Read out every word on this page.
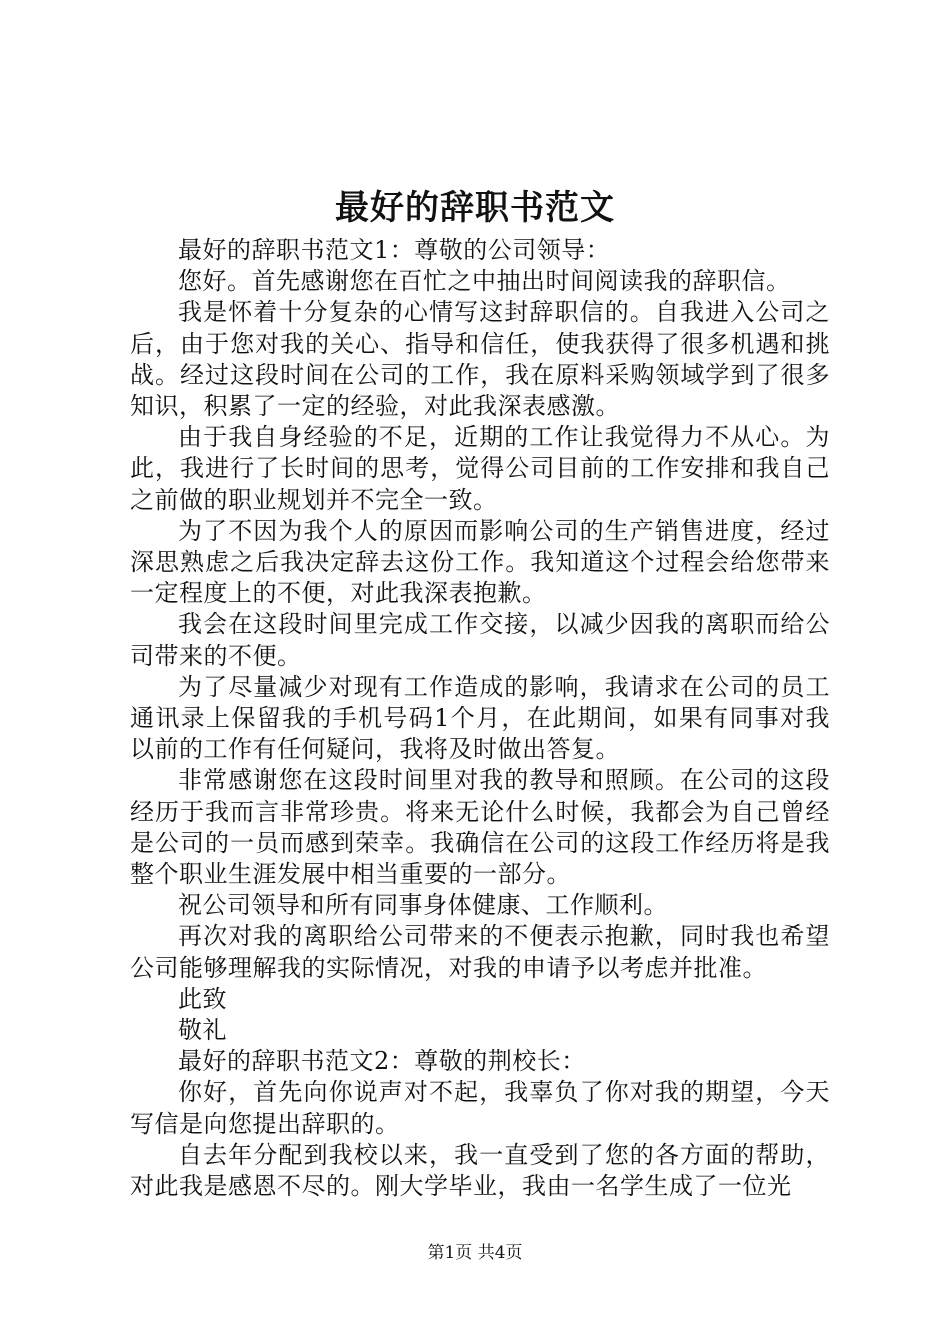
最好的辞职书范文

最好的辞职书范文1：尊敬的公司领导：

您好。首先感谢您在百忙之中抽出时间阅读我的辞职信。

我是怀着十分复杂的心情写这封辞职信的。自我进入公司之后，由于您对我的关心、指导和信任，使我获得了很多机遇和挑战。经过这段时间在公司的工作，我在原料采购领域学到了很多知识，积累了一定的经验，对此我深表感激。

由于我自身经验的不足，近期的工作让我觉得力不从心。为此，我进行了长时间的思考，觉得公司目前的工作安排和我自己之前做的职业规划并不完全一致。

为了不因为我个人的原因而影响公司的生产销售进度，经过深思熟虑之后我决定辞去这份工作。我知道这个过程会给您带来一定程度上的不便，对此我深表抱歉。

我会在这段时间里完成工作交接，以减少因我的离职而给公司带来的不便。

为了尽量减少对现有工作造成的影响，我请求在公司的员工通讯录上保留我的手机号码1个月，在此期间，如果有同事对我以前的工作有任何疑问，我将及时做出答复。

非常感谢您在这段时间里对我的教导和照顾。在公司的这段经历于我而言非常珍贵。将来无论什么时候，我都会为自己曾经是公司的一员而感到荣幸。我确信在公司的这段工作经历将是我整个职业生涯发展中相当重要的一部分。

祝公司领导和所有同事身体健康、工作顺利。

再次对我的离职给公司带来的不便表示抱歉，同时我也希望公司能够理解我的实际情况，对我的申请予以考虑并批准。

此致

敬礼

最好的辞职书范文2：尊敬的荆校长：

你好，首先向你说声对不起，我辜负了你对我的期望，今天写信是向您提出辞职的。

自去年分配到我校以来，我一直受到了您的各方面的帮助，对此我是感恩不尽的。刚大学毕业，我由一名学生成了一位光

第1页 共4页
